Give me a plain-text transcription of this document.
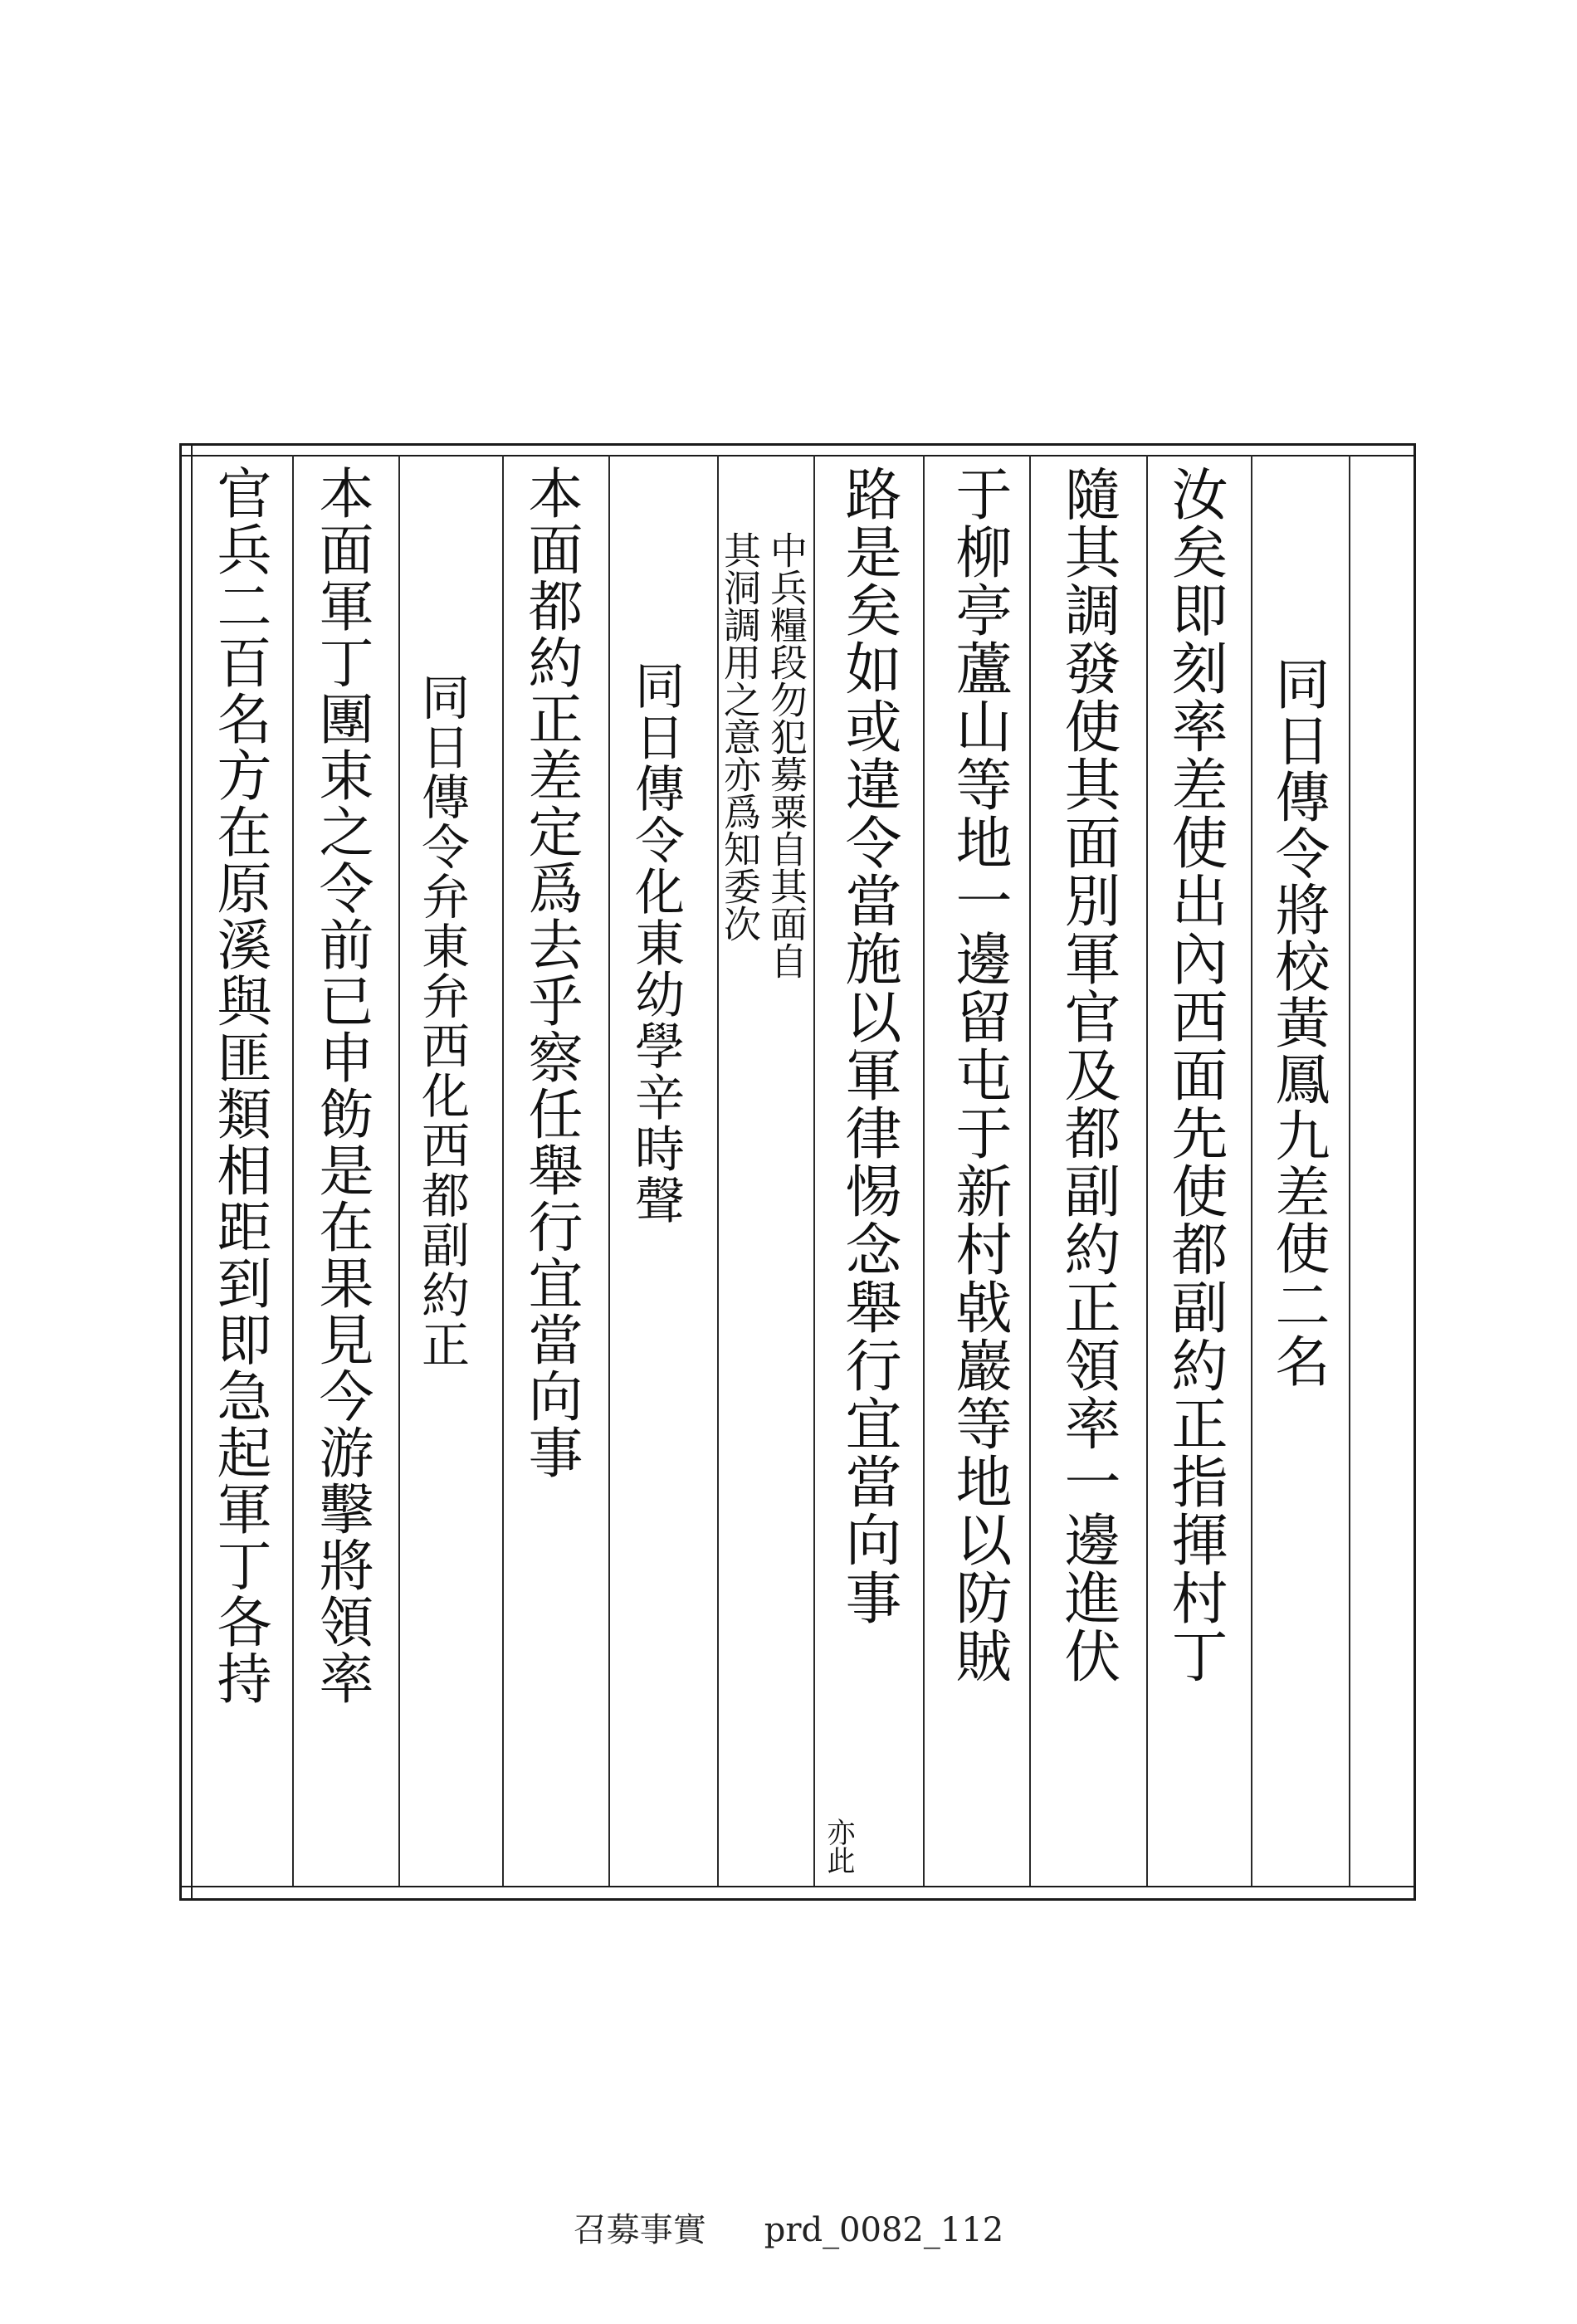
同日傳令將校黃鳳九差使二名
汝矣即刻率差使出內西面先使都副約正指揮村丁
隨其調發使其面別軍官及都副約正領率一邊進伏
于柳亭蘆山等地一邊留屯于新村㦸巖等地以防賊
路是矣如或違令當施以軍律惕念舉行宜當向事
亦此
中兵糧段勿犯募粟自其面自
其洞調用之意亦爲知委次
同日傳令化東幼學辛時聲
本面都約正差定爲去乎察任舉行宜當向事
同日傳令弁東弁西化西都副約正
本面軍丁團束之令前已申飭是在果見今游擊將領率
官兵二百名方在原溪與匪類相距到即急起軍丁各持
召募事實 prd_0082_112
